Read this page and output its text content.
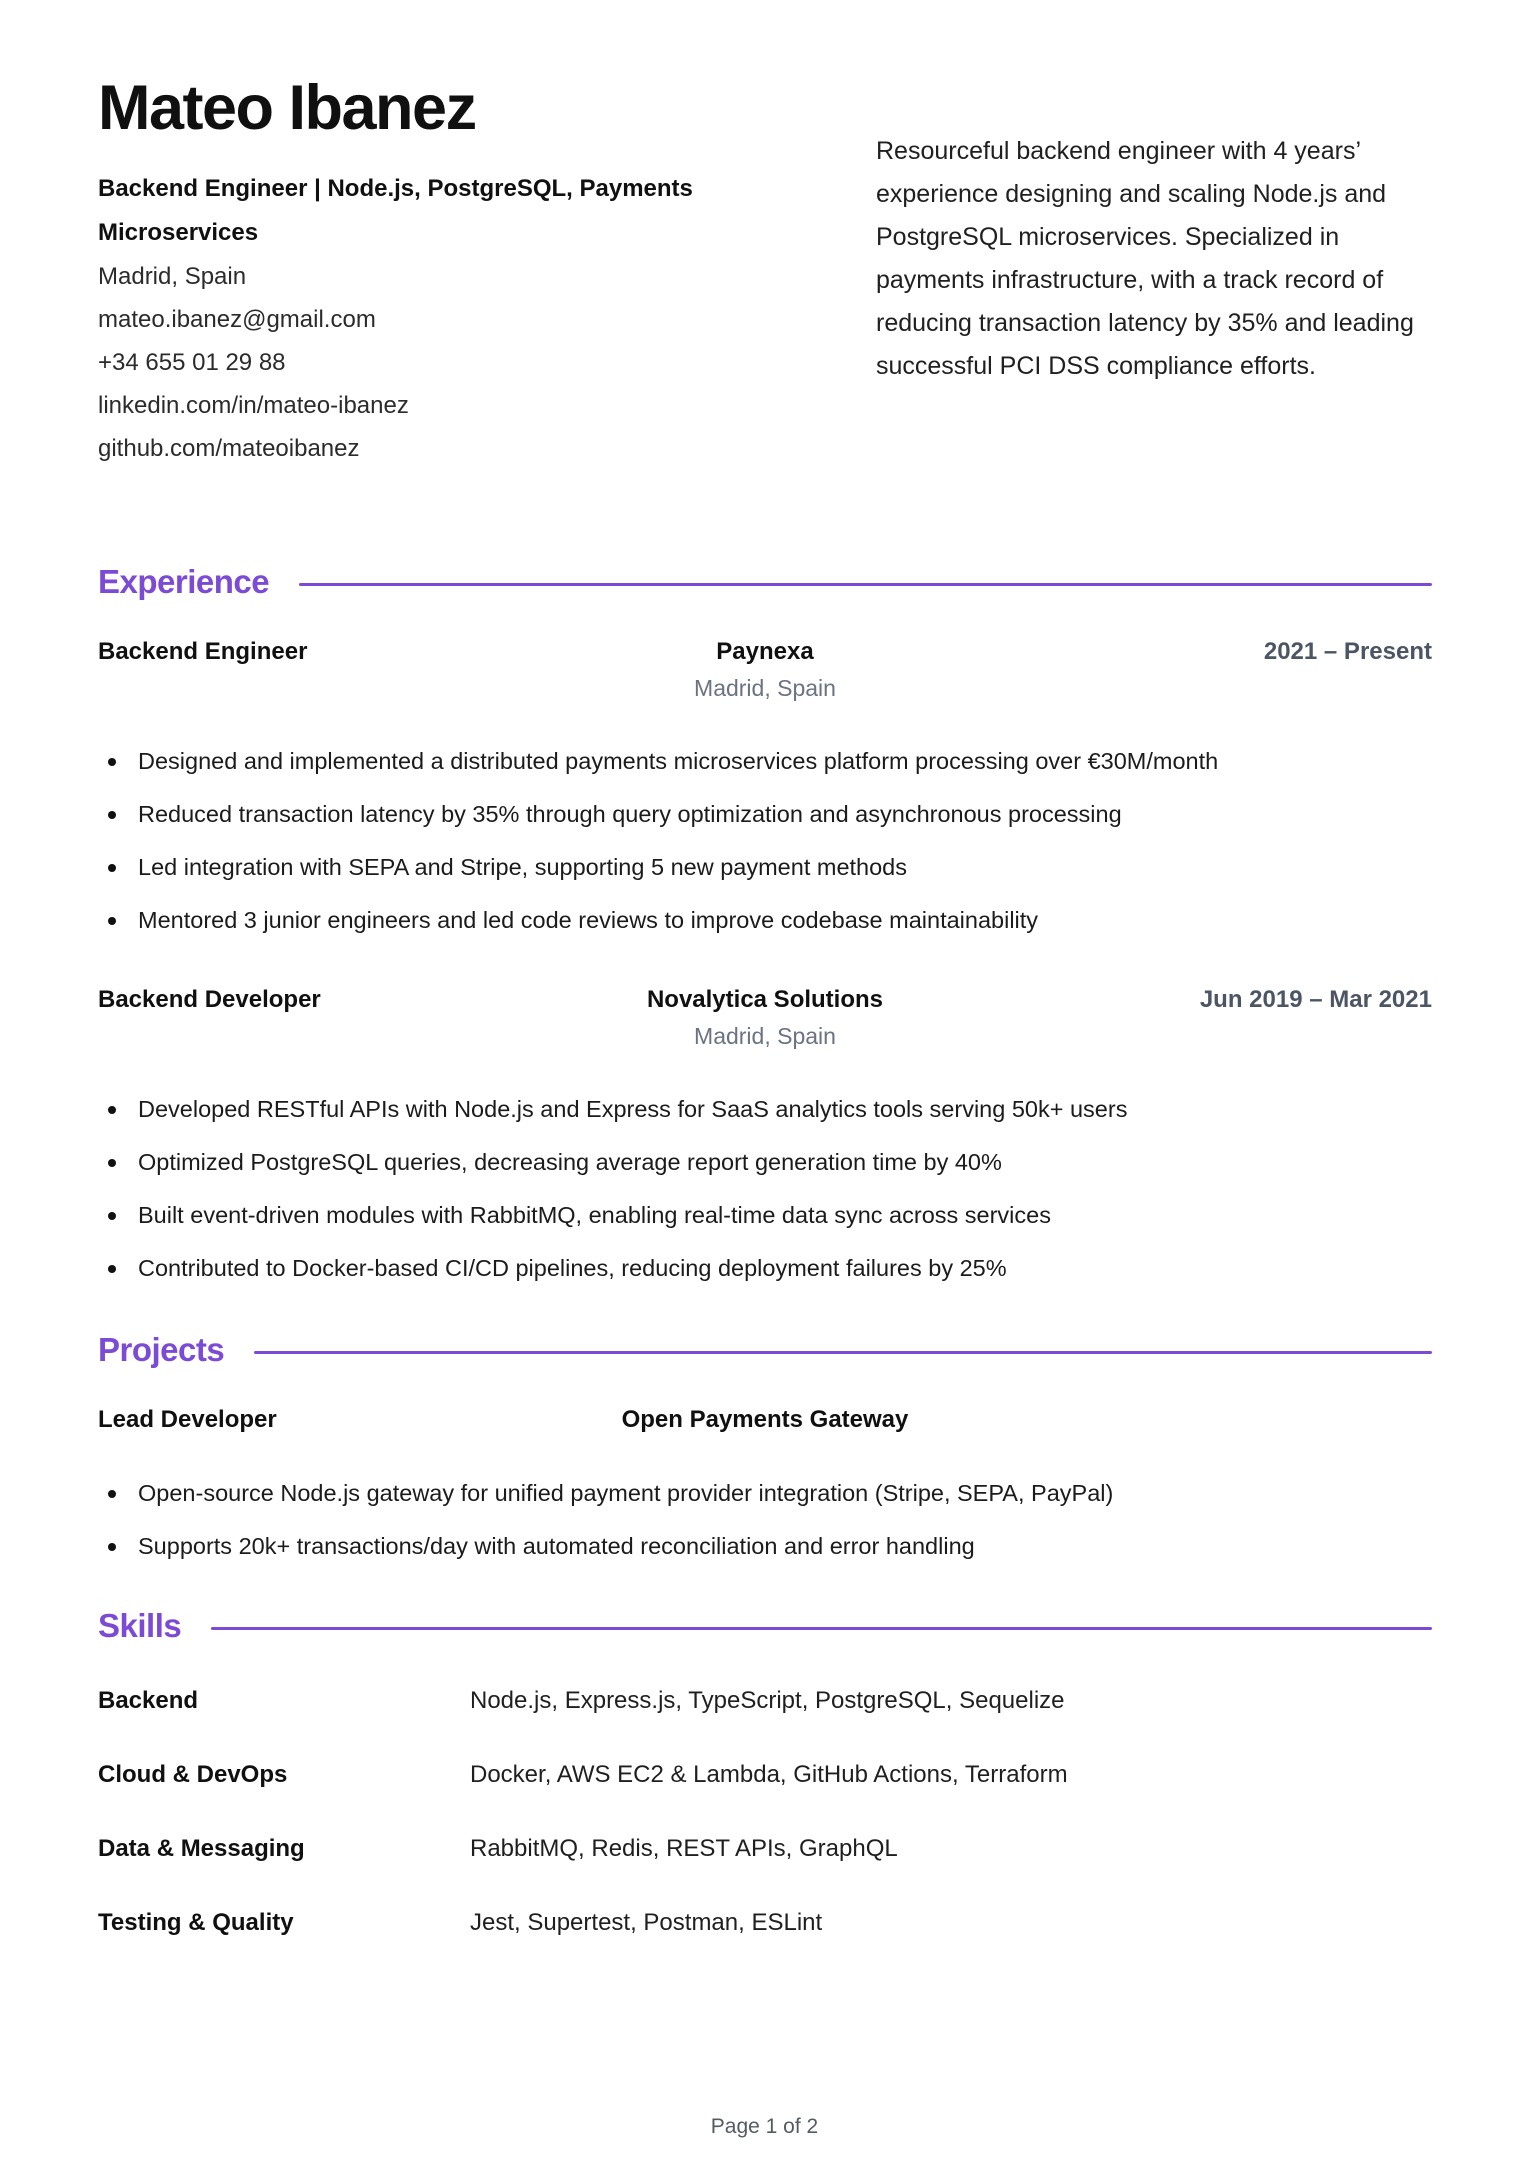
Mateo Ibanez
Backend Engineer | Node.js, PostgreSQL, Payments Microservices
Madrid, Spain
mateo.ibanez@gmail.com
+34 655 01 29 88
linkedin.com/in/mateo-ibanez
github.com/mateoibanez

Resourceful backend engineer with 4 years’ experience designing and scaling Node.js and PostgreSQL microservices. Specialized in payments infrastructure, with a track record of reducing transaction latency by 35% and leading successful PCI DSS compliance efforts.

Experience
Backend Engineer	Paynexa	2021 – Present
Madrid, Spain
Designed and implemented a distributed payments microservices platform processing over €30M/month
Reduced transaction latency by 35% through query optimization and asynchronous processing
Led integration with SEPA and Stripe, supporting 5 new payment methods
Mentored 3 junior engineers and led code reviews to improve codebase maintainability
Backend Developer	Novalytica Solutions	Jun 2019 – Mar 2021
Madrid, Spain
Developed RESTful APIs with Node.js and Express for SaaS analytics tools serving 50k+ users
Optimized PostgreSQL queries, decreasing average report generation time by 40%
Built event-driven modules with RabbitMQ, enabling real-time data sync across services
Contributed to Docker-based CI/CD pipelines, reducing deployment failures by 25%
Projects
Lead Developer	Open Payments Gateway
Open-source Node.js gateway for unified payment provider integration (Stripe, SEPA, PayPal)
Supports 20k+ transactions/day with automated reconciliation and error handling
Skills
Backend	Node.js, Express.js, TypeScript, PostgreSQL, Sequelize
Cloud & DevOps	Docker, AWS EC2 & Lambda, GitHub Actions, Terraform
Data & Messaging	RabbitMQ, Redis, REST APIs, GraphQL
Testing & Quality	Jest, Supertest, Postman, ESLint
Page 1 of 2
